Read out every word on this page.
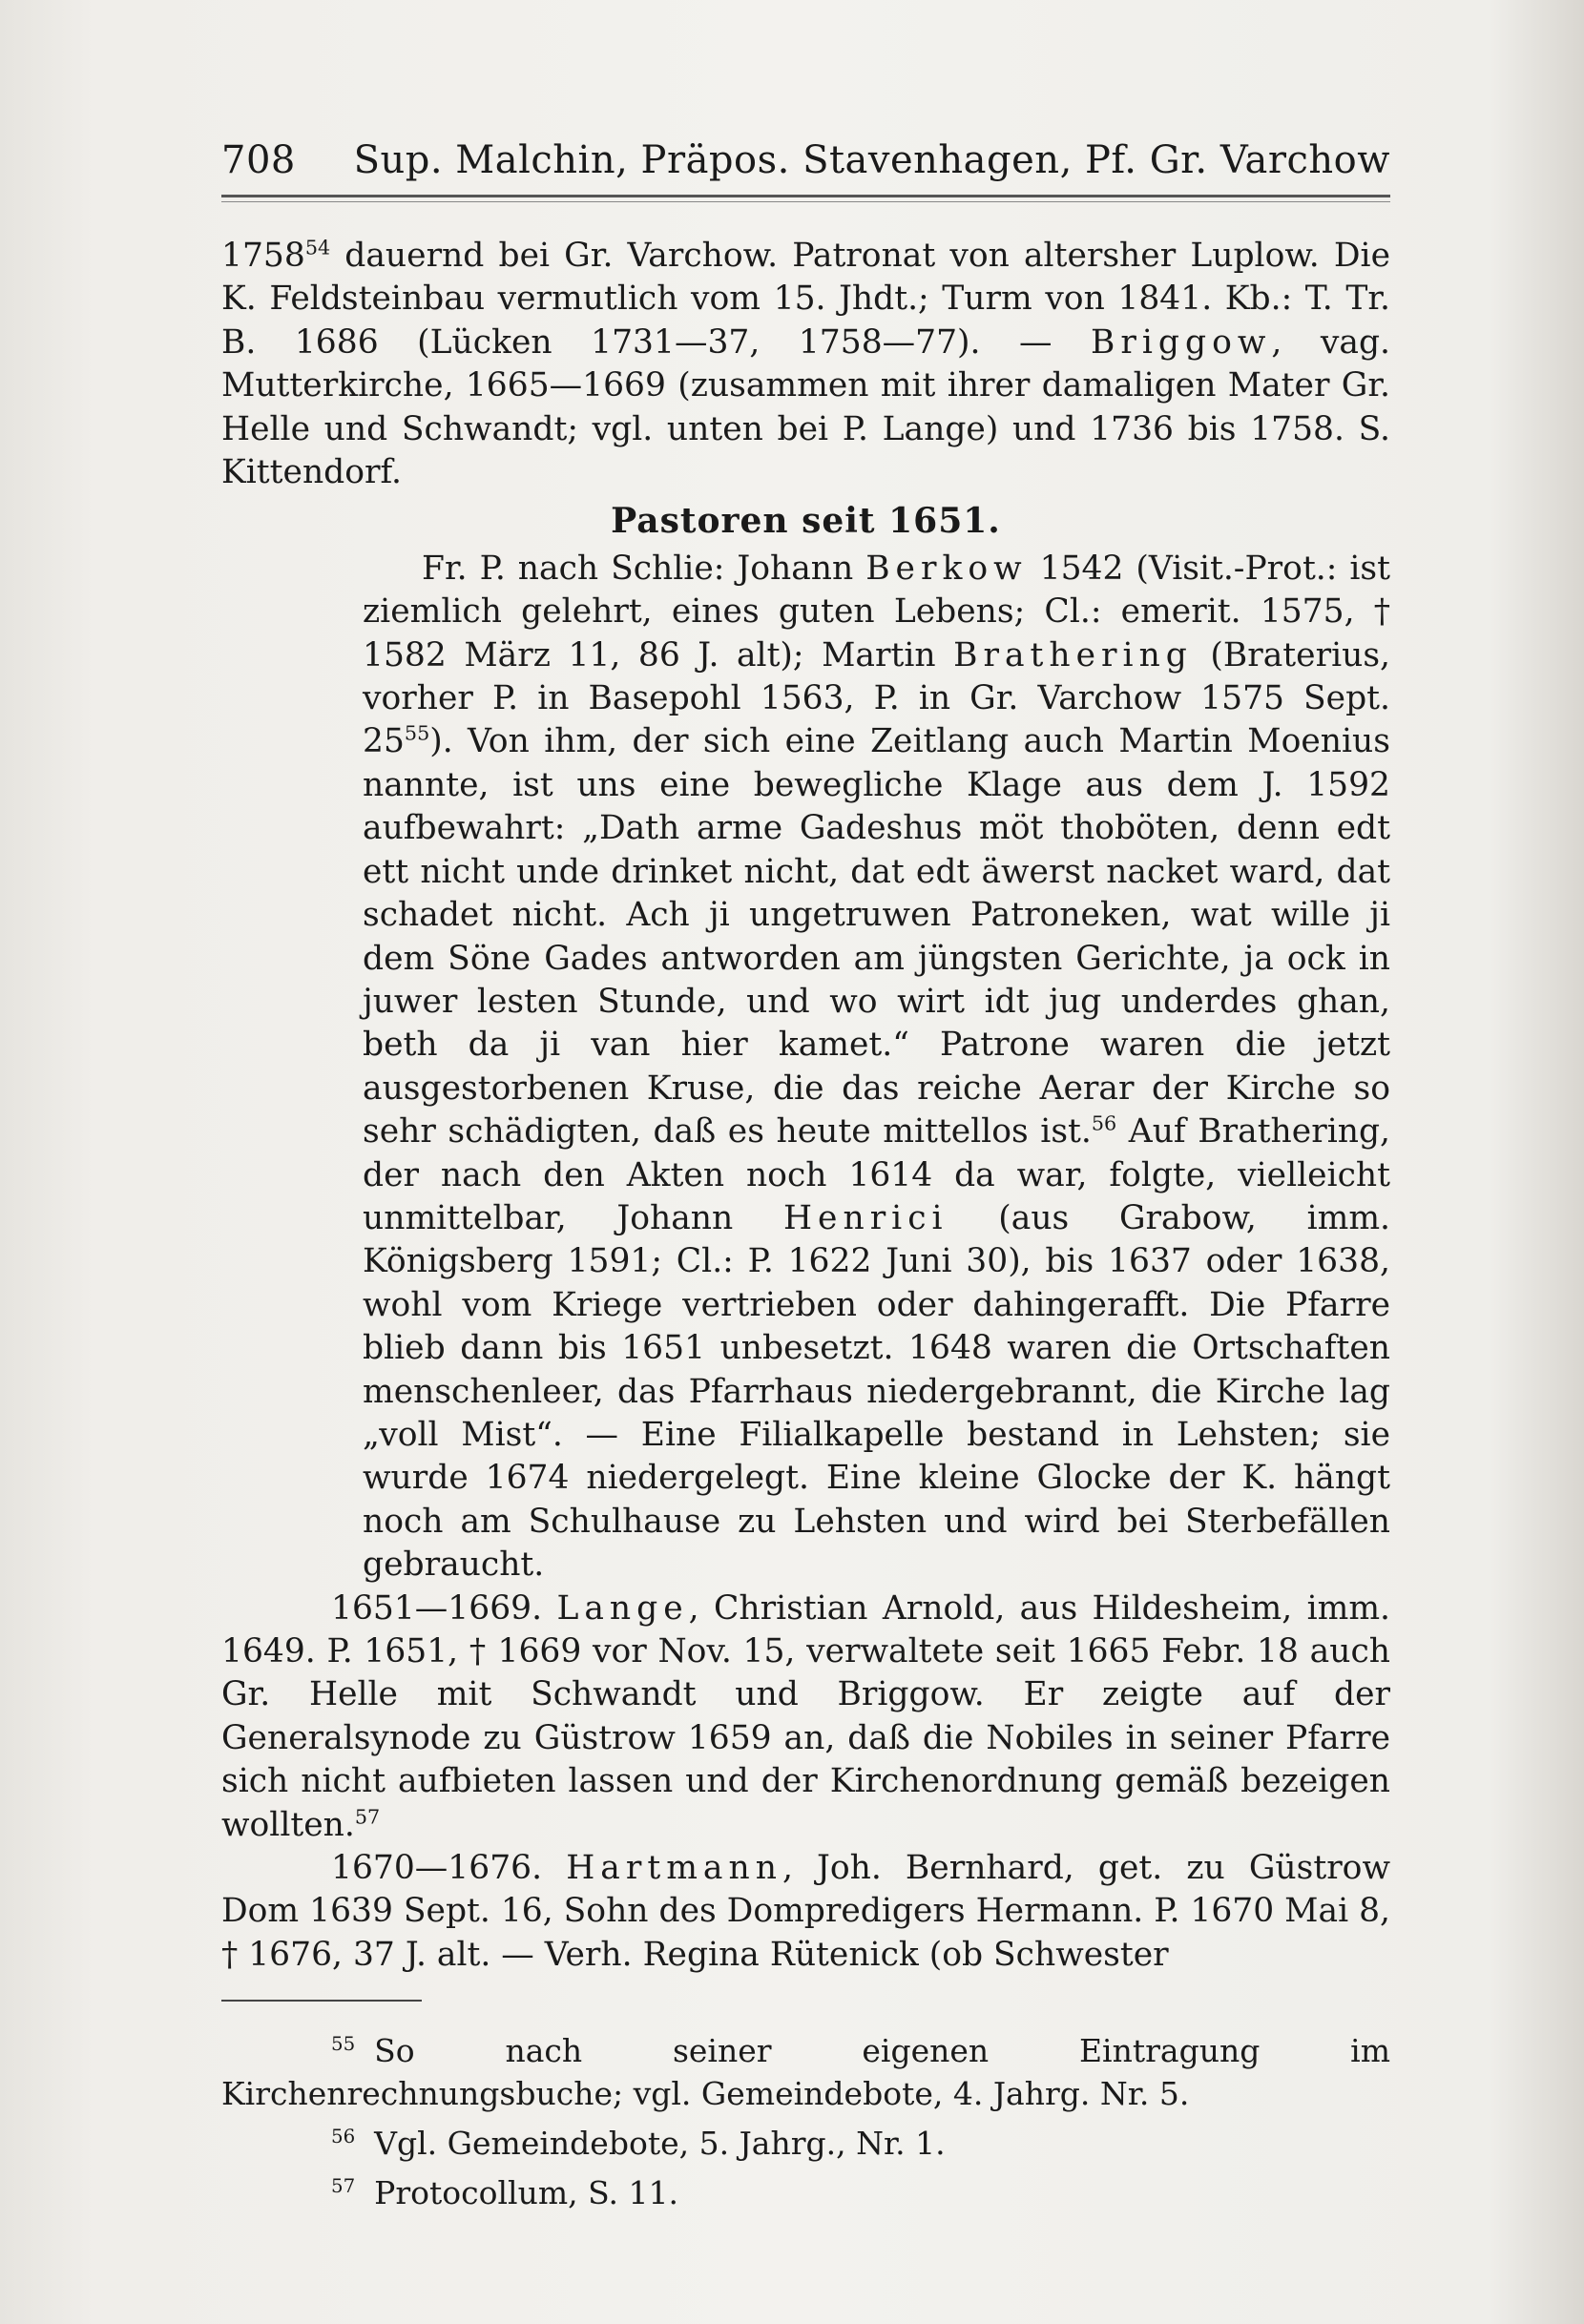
708	Sup. Malchin, Präpos. Stavenhagen, Pf. Gr. Varchow

1758$^{54}$ dauernd bei Gr. Varchow. Patronat von altersher Luplow. Die K. Feldsteinbau vermutlich vom 15. Jhdt.; Turm von 1841. Kb.: T. Tr. B. 1686 (Lücken 1731—37, 1758—77). — Briggow, vag. Mutterkirche, 1665—1669 (zusammen mit ihrer damaligen Mater Gr. Helle und Schwandt; vgl. unten bei P. Lange) und 1736 bis 1758. S. Kittendorf.

Pastoren seit 1651.

Fr. P. nach Schlie: Johann Berkow 1542 (Visit.-Prot.: ist ziemlich gelehrt, eines guten Lebens; Cl.: emerit. 1575, † 1582 März 11, 86 J. alt); Martin Brathering (Braterius, vorher P. in Basepohl 1563, P. in Gr. Varchow 1575 Sept. $25^{55}$). Von ihm, der sich eine Zeitlang auch Martin Moenius nannte, ist uns eine bewegliche Klage aus dem J. 1592 aufbewahrt: „Dath arme Gadeshus möt thoböten, denn edt ett nicht unde drinket nicht, dat edt äwerst nacket ward, dat schadet nicht. Ach ji ungetruwen Patroneken, wat wille ji dem Söne Gades antworden am jüngsten Gerichte, ja ock in juwer lesten Stunde, und wo wirt idt jug underdes ghan, beth da ji van hier kamet.“ Patrone waren die jetzt ausgestorbenen Kruse, die das reiche Aerar der Kirche so sehr schädigten, daß es heute mittellos ist.$^{56}$ Auf Brathering, der nach den Akten noch 1614 da war, folgte, vielleicht unmittelbar, Johann Henrici (aus Grabow, imm. Königsberg 1591; Cl.: P. 1622 Juni 30), bis 1637 oder 1638, wohl vom Kriege vertrieben oder dahingerafft. Die Pfarre blieb dann bis 1651 unbesetzt. 1648 waren die Ortschaften menschenleer, das Pfarrhaus niedergebrannt, die Kirche lag „voll Mist“. — Eine Filialkapelle bestand in Lehsten; sie wurde 1674 niedergelegt. Eine kleine Glocke der K. hängt noch am Schulhause zu Lehsten und wird bei Sterbefällen gebraucht.

1651—1669. Lange, Christian Arnold, aus Hildesheim, imm. 1649. P. 1651, † 1669 vor Nov. 15, verwaltete seit 1665 Febr. 18 auch Gr. Helle mit Schwandt und Briggow. Er zeigte auf der Generalsynode zu Güstrow 1659 an, daß die Nobiles in seiner Pfarre sich nicht aufbieten lassen und der Kirchenordnung gemäß bezeigen wollten.$^{57}$

1670—1676. Hartmann, Joh. Bernhard, get. zu Güstrow Dom 1639 Sept. 16, Sohn des Dompredigers Hermann. P. 1670 Mai 8, † 1676, 37 J. alt. — Verh. Regina Rütenick (ob Schwester

$^{55}$ So nach seiner eigenen Eintragung im Kirchenrechnungsbuche; vgl. Gemeindebote, 4. Jahrg. Nr. 5.

$^{56}$ Vgl. Gemeindebote, 5. Jahrg., Nr. 1.

$^{57}$ Protocollum, S. 11.
